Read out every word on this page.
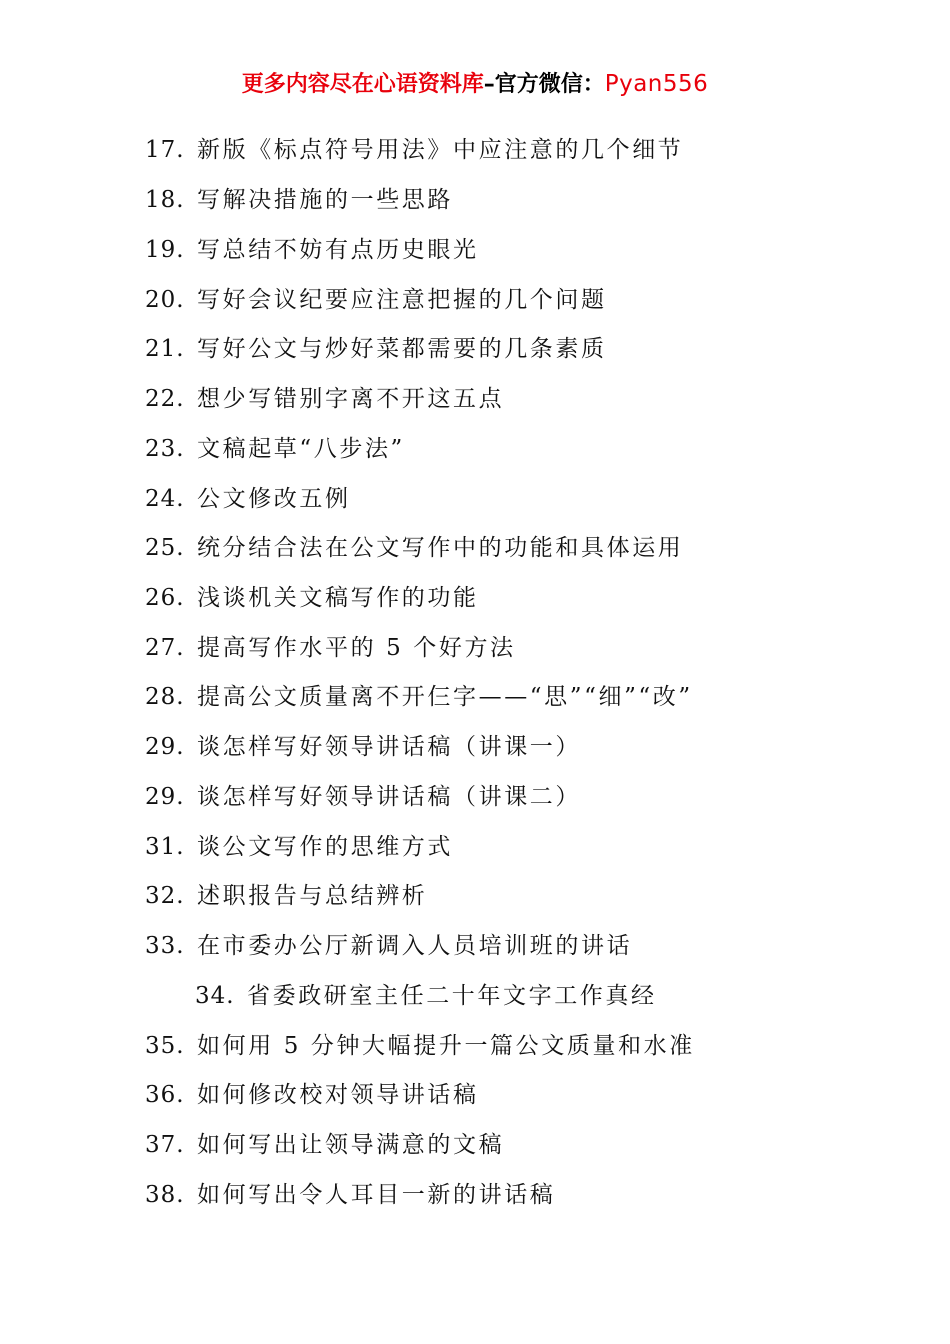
更多内容尽在心语资料库–官方微信：Pyan556
17. 新版《标点符号用法》中应注意的几个细节
18. 写解决措施的一些思路
19. 写总结不妨有点历史眼光
20. 写好会议纪要应注意把握的几个问题
21. 写好公文与炒好菜都需要的几条素质
22. 想少写错别字离不开这五点
23. 文稿起草“八步法”
24. 公文修改五例
25. 统分结合法在公文写作中的功能和具体运用
26. 浅谈机关文稿写作的功能
27. 提高写作水平的 5 个好方法
28. 提高公文质量离不开仨字——“思”“细”“改”
29. 谈怎样写好领导讲话稿（讲课一）
29. 谈怎样写好领导讲话稿（讲课二）
31. 谈公文写作的思维方式
32. 述职报告与总结辨析
33. 在市委办公厅新调入人员培训班的讲话
34. 省委政研室主任二十年文字工作真经
35. 如何用 5 分钟大幅提升一篇公文质量和水准
36. 如何修改校对领导讲话稿
37. 如何写出让领导满意的文稿
38. 如何写出令人耳目一新的讲话稿
